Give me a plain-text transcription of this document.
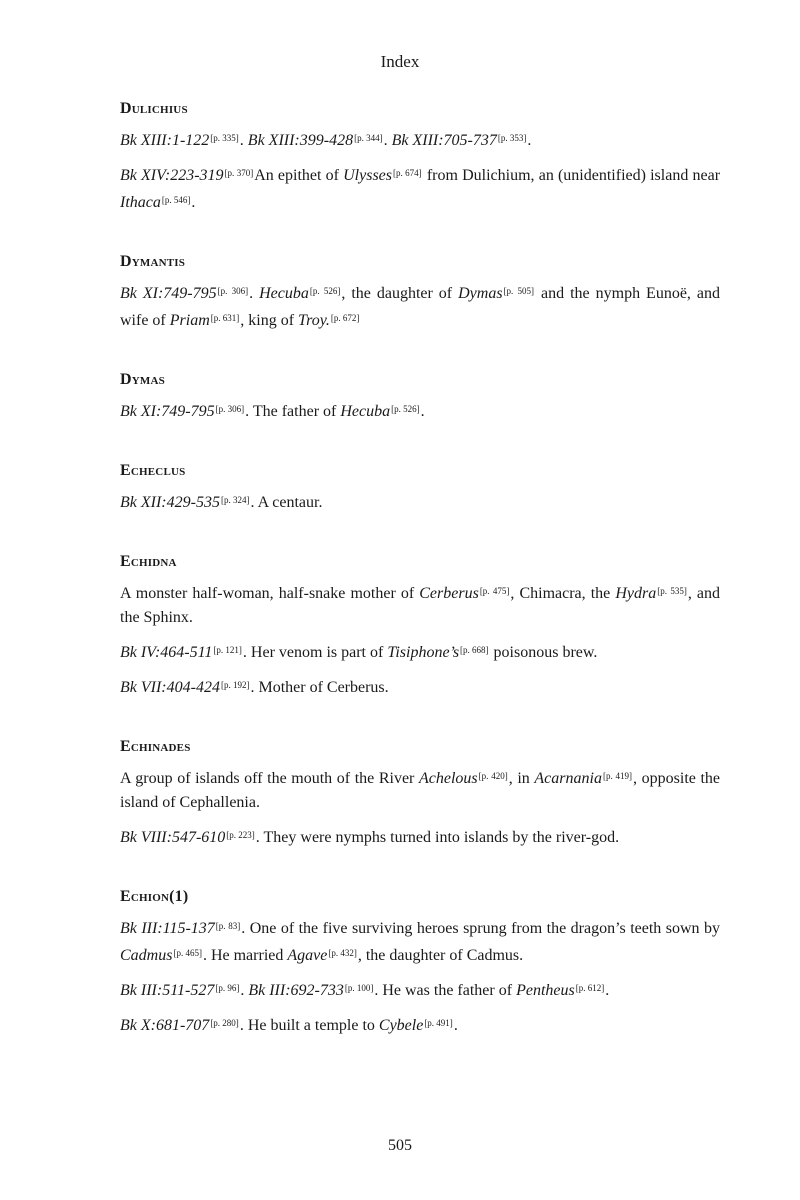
Index
Dulichius

Bk XIII:1-122[p. 335]. Bk XIII:399-428[p. 344]. Bk XIII:705-737[p. 353].

Bk XIV:223-319[p. 370]An epithet of Ulysses[p. 674] from Dulichium, an (unidentified) island near Ithaca[p. 546].

Dymantis

Bk XI:749-795[p. 306]. Hecuba[p. 526], the daughter of Dymas[p. 505] and the nymph Eunoë, and wife of Priam[p. 631], king of Troy.[p. 672]

Dymas

Bk XI:749-795[p. 306]. The father of Hecuba[p. 526].

Echeclus

Bk XII:429-535[p. 324]. A centaur.

Echidna

A monster half-woman, half-snake mother of Cerberus[p. 475], Chimacra, the Hydra[p. 535], and the Sphinx.

Bk IV:464-511[p. 121]. Her venom is part of Tisiphone’s[p. 668] poisonous brew.

Bk VII:404-424[p. 192]. Mother of Cerberus.

Echinades

A group of islands off the mouth of the River Achelous[p. 420], in Acarnania[p. 419], opposite the island of Cephallenia.

Bk VIII:547-610[p. 223]. They were nymphs turned into islands by the river-god.

Echion(1)

Bk III:115-137[p. 83]. One of the five surviving heroes sprung from the dragon’s teeth sown by Cadmus[p. 465]. He married Agave[p. 432], the daughter of Cadmus.

Bk III:511-527[p. 96]. Bk III:692-733[p. 100]. He was the father of Pentheus[p. 612].

Bk X:681-707[p. 280]. He built a temple to Cybele[p. 491].

505
